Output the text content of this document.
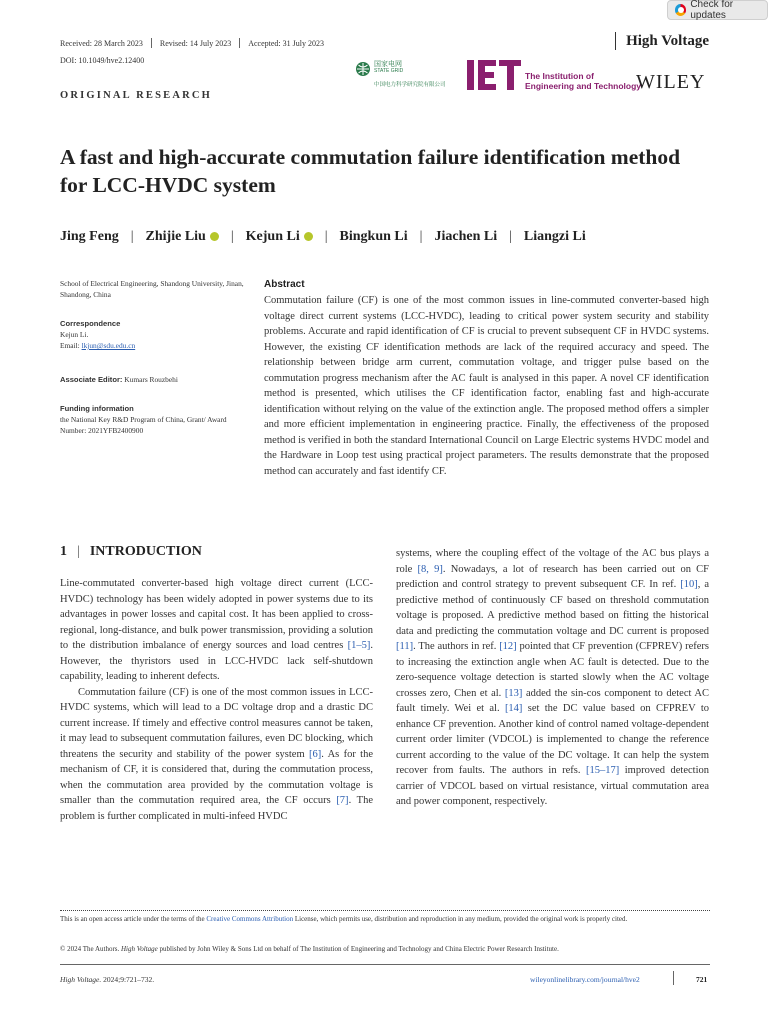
Check for updates
Received: 28 March 2023 Revised: 14 July 2023 Accepted: 31 July 2023
DOI: 10.1049/hve2.12400
High Voltage
ORIGINAL RESEARCH
国家电网
STATE GRID
中国电力科学研究院有限公司
The Institution of
Engineering and Technology
WILEY
A fast and high-accurate commutation failure identification method for LCC-HVDC system
Jing Feng | Zhijie Liu | Kejun Li | Bingkun Li | Jiachen Li | Liangzi Li
School of Electrical Engineering, Shandong University, Jinan, Shandong, China
Correspondence
Kejun Li.
Email: lkjun@sdu.edu.cn
Associate Editor: Kumars Rouzbehi
Funding information
the National Key R&D Program of China, Grant/ Award Number: 2021YFB2400900
Abstract

Commutation failure (CF) is one of the most common issues in line-commuted converter-based high voltage direct current systems (LCC-HVDC), leading to critical power system security and stability problems. Accurate and rapid identification of CF is crucial to prevent subsequent CF in HVDC systems. However, the existing CF identification methods are lack of the required accuracy and speed. The relationship between bridge arm current, commutation voltage, and trigger pulse based on the commutation progress mechanism after the AC fault is analysed in this paper. A novel CF identification method is presented, which utilises the CF identification factor, enabling fast and high-accurate identification without relying on the value of the extinction angle. The proposed method offers a simpler and more efficient implementation in engineering practice. Finally, the effectiveness of the proposed method is verified in both the standard International Council on Large Electric systems HVDC model and the Hardware in Loop test using practical project parameters. The results demonstrate that the proposed method can accurately and fast identify CF.

1 | INTRODUCTION

Line-commutated converter-based high voltage direct current (LCC-HVDC) technology has been widely adopted in power systems due to its advantages in power losses and capital cost. It has been applied to cross-regional, long-distance, and bulk power transmission, providing a solution to the distribution imbalance of energy sources and load centres [1–5]. However, the thyristors used in LCC-HVDC lack self-shutdown capability, leading to inherent defects.

Commutation failure (CF) is one of the most common issues in LCC-HVDC systems, which will lead to a DC voltage drop and a drastic DC current increase. If timely and effective control measures cannot be taken, it may lead to subsequent commutation failures, even DC blocking, which threatens the security and stability of the power system [6]. As for the mechanism of CF, it is considered that, during the commutation process, when the commutation area provided by the commutation voltage is smaller than the commutation required area, the CF occurs [7]. The problem is further complicated in multi-infeed HVDC

systems, where the coupling effect of the voltage of the AC bus plays a role [8, 9]. Nowadays, a lot of research has been carried out on CF prediction and control strategy to prevent subsequent CF. In ref. [10], a predictive method of continuously CF based on threshold commutation voltage is proposed. A predictive method based on fitting the historical data and predicting the commutation voltage and DC current is proposed [11]. The authors in ref. [12] pointed that CF prevention (CFPREV) refers to increasing the extinction angle when AC fault is detected. Due to the zero-sequence voltage detection is started slowly when the AC voltage crosses zero, Chen et al. [13] added the sin-cos component to detect AC fault timely. Wei et al. [14] set the DC value based on CFPREV to enhance CF prevention. Another kind of control named voltage-dependent current order limiter (VDCOL) is implemented to change the reference current according to the value of the DC voltage. It can help the system recover from faults. The authors in refs. [15–17] improved detection carrier of VDCOL based on virtual resistance, virtual commutation area and power component, respectively.

This is an open access article under the terms of the Creative Commons Attribution License, which permits use, distribution and reproduction in any medium, provided the original work is properly cited.
© 2024 The Authors. High Voltage published by John Wiley & Sons Ltd on behalf of The Institution of Engineering and Technology and China Electric Power Research Institute.
High Voltage. 2024;9:721–732.	wileyonlinelibrary.com/journal/hve2	721
